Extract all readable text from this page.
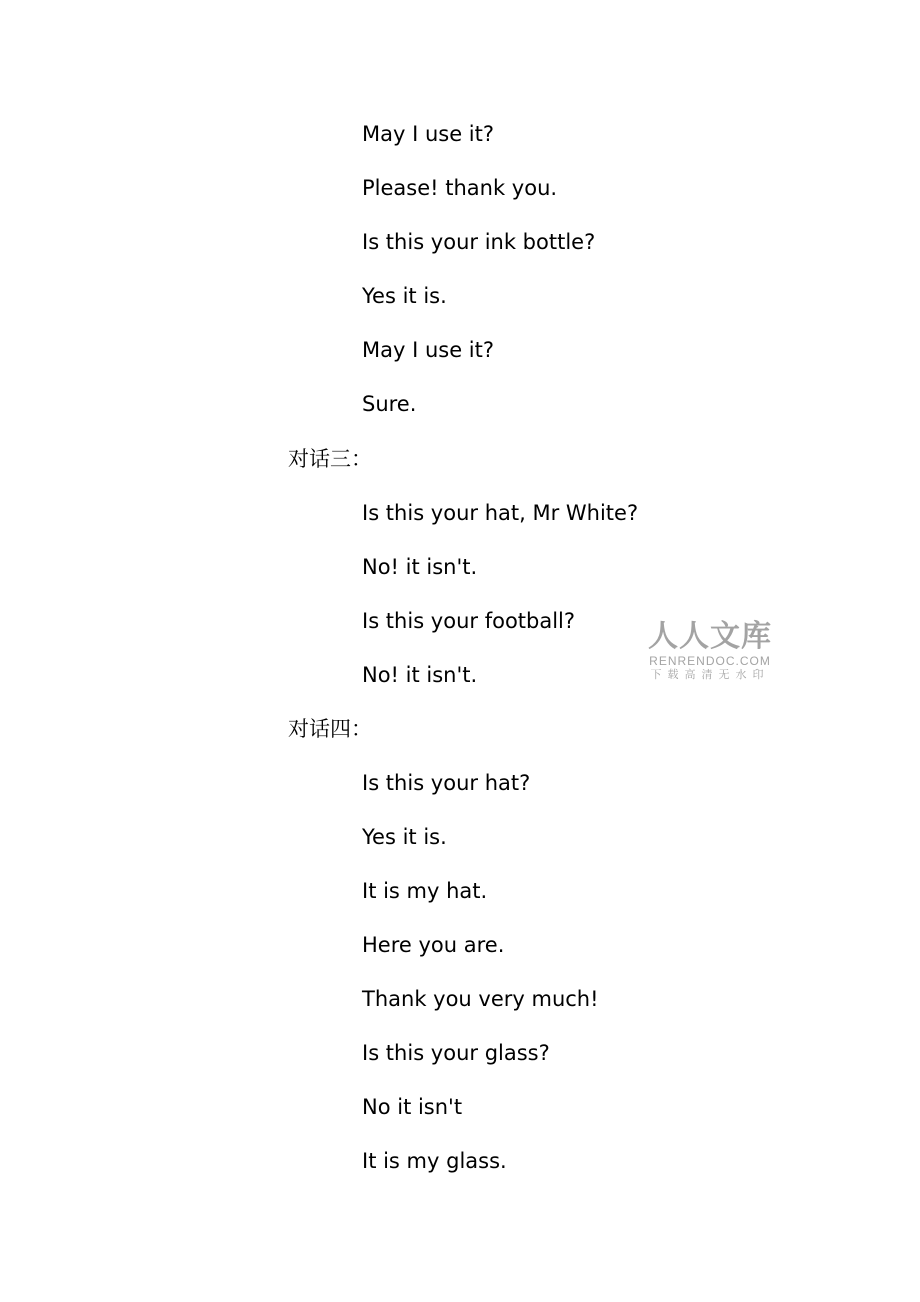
May I use it?
Please! thank you.
Is this your ink bottle?
Yes it is.
May I use it?
Sure.
对话三：
Is this your hat, Mr White?
No! it isn't.
Is this your football?
No! it isn't.
对话四：
Is this your hat?
Yes it is.
It is my hat.
Here you are.
Thank you very much!
Is this your glass?
No it isn't
It is my glass.
人人文库
RENRENDOC.COM
下载高清无水印
